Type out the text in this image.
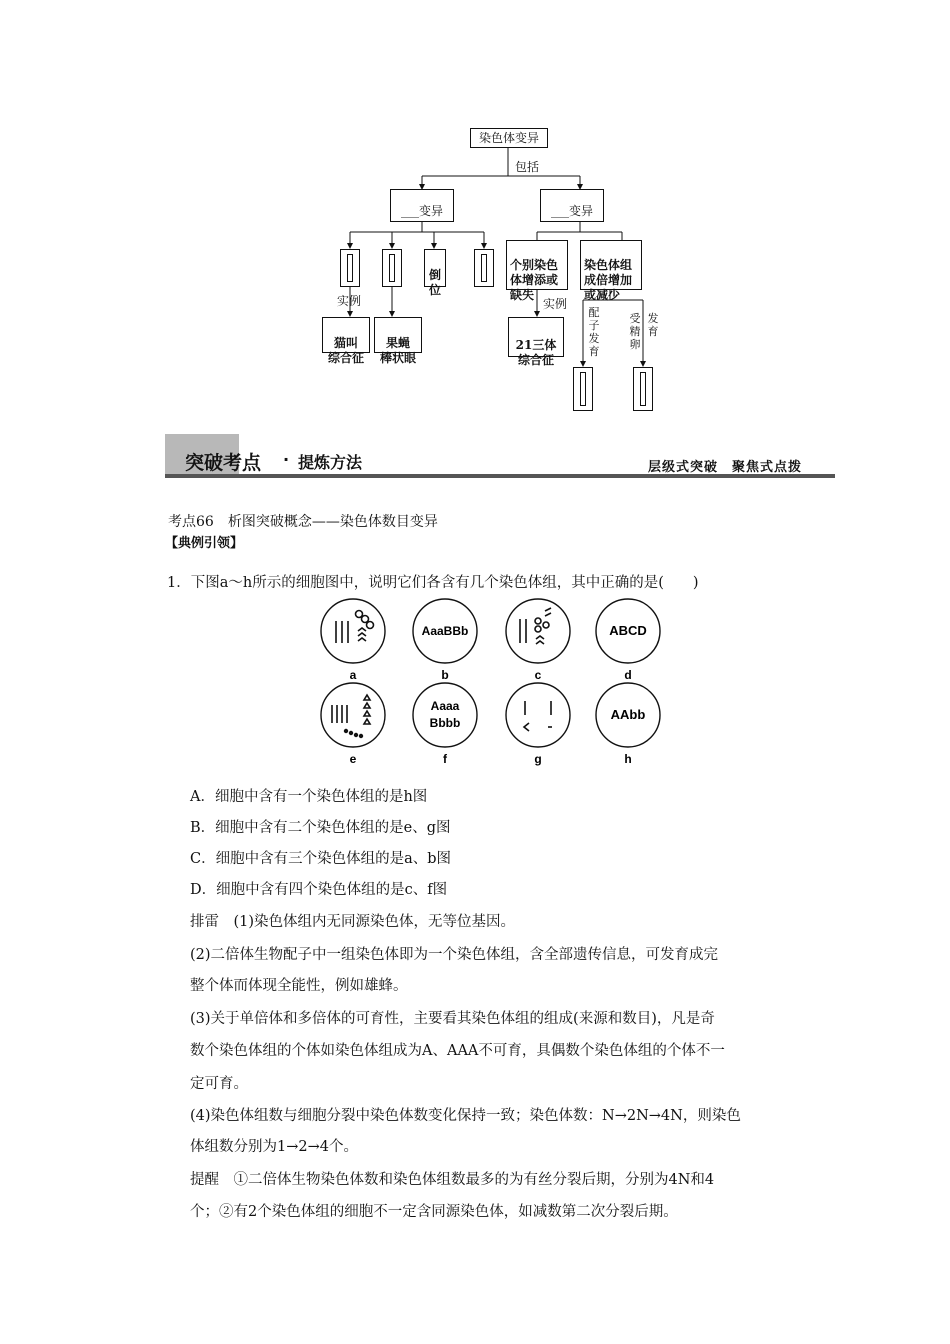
染色体变异
包括
___变异	___变异

倒
位

实例

猫叫
综合征

果蝇
棒状眼

个别染色
体增添或
缺失

染色体组
成倍增加
或减少

实例

21三体
综合征

配
子
发
育
受
精
卵
发
育
突破考点 · 提炼方法	层级式突破　聚焦式点拨
考点66　析图突破概念——染色体数目变异
【典例引领】
1．下图a～h所示的细胞图中，说明它们各含有几个染色体组，其中正确的是(　　)
AaaBBb	ABCD
Aaaa
Bbbb
AAbb
a	b	c	d
e	f	g	h
A．细胞中含有一个染色体组的是h图
B．细胞中含有二个染色体组的是e、g图
C．细胞中含有三个染色体组的是a、b图
D．细胞中含有四个染色体组的是c、f图
排雷　(1)染色体组内无同源染色体，无等位基因。
(2)二倍体生物配子中一组染色体即为一个染色体组，含全部遗传信息，可发育成完
整个体而体现全能性，例如雄蜂。
(3)关于单倍体和多倍体的可育性，主要看其染色体组的组成(来源和数目)，凡是奇
数个染色体组的个体如染色体组成为A、AAA不可育，具偶数个染色体组的个体不一
定可育。
(4)染色体组数与细胞分裂中染色体数变化保持一致；染色体数：N→2N→4N，则染色
体组数分别为1→2→4个。
提醒　①二倍体生物染色体数和染色体组数最多的为有丝分裂后期，分别为4N和4
个；②有2个染色体组的细胞不一定含同源染色体，如减数第二次分裂后期。
